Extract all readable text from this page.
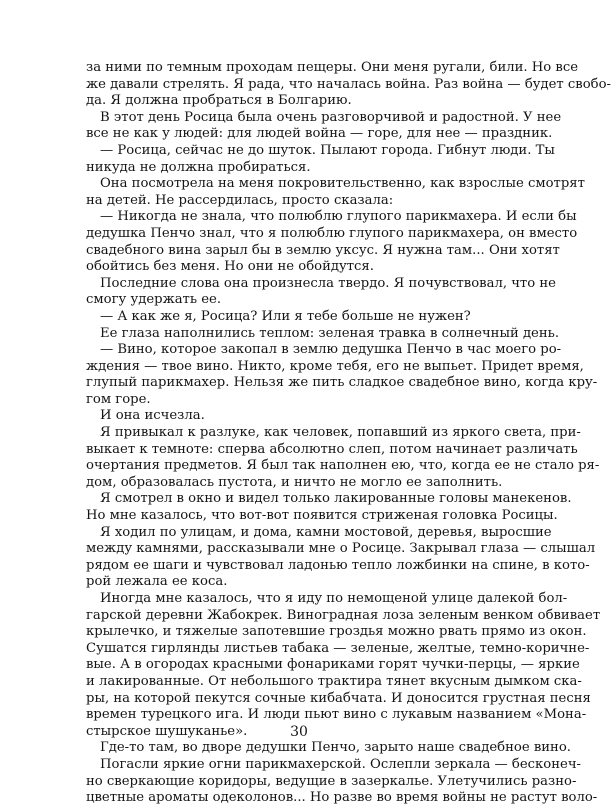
за ними по темным проходам пещеры. Они меня ругали, били. Но все
же давали стрелять. Я рада, что началась война. Раз война — будет свобо-
да. Я должна пробраться в Болгарию.
В этот день Росица была очень разговорчивой и радостной. У нее
все не как у людей: для людей война — горе, для нее — праздник.
— Росица, сейчас не до шуток. Пылают города. Гибнут люди. Ты
никуда не должна пробираться.
Она посмотрела на меня покровительственно, как взрослые смотрят
на детей. Не рассердилась, просто сказала:
— Никогда не знала, что полюблю глупого парикмахера. И если бы
дедушка Пенчо знал, что я полюблю глупого парикмахера, он вместо
свадебного вина зарыл бы в землю уксус. Я нужна там... Они хотят
обойтись без меня. Но они не обойдутся.
Последние слова она произнесла твердо. Я почувствовал, что не
смогу удержать ее.
— А как же я, Росица? Или я тебе больше не нужен?
Ее глаза наполнились теплом: зеленая травка в солнечный день.
— Вино, которое закопал в землю дедушка Пенчо в час моего ро-
ждения — твое вино. Никто, кроме тебя, его не выпьет. Придет время,
глупый парикмахер. Нельзя же пить сладкое свадебное вино, когда кру-
гом горе.
И она исчезла.
Я привыкал к разлуке, как человек, попавший из яркого света, при-
выкает к темноте: сперва абсолютно слеп, потом начинает различать
очертания предметов. Я был так наполнен ею, что, когда ее не стало ря-
дом, образовалась пустота, и ничто не могло ее заполнить.
Я смотрел в окно и видел только лакированные головы манекенов.
Но мне казалось, что вот-вот появится стриженая головка Росицы.
Я ходил по улицам, и дома, камни мостовой, деревья, выросшие
между камнями, рассказывали мне о Росице. Закрывал глаза — слышал
рядом ее шаги и чувствовал ладонью тепло ложбинки на спине, в кото-
рой лежала ее коса.
Иногда мне казалось, что я иду по немощеной улице далекой бол-
гарской деревни Жабокрек. Виноградная лоза зеленым венком обвивает
крылечко, и тяжелые запотевшие гроздья можно рвать прямо из окон.
Сушатся гирлянды листьев табака — зеленые, желтые, темно-коричне-
вые. А в огородах красными фонариками горят чучки-перцы, — яркие
и лакированные. От небольшого трактира тянет вкусным дымком ска-
ры, на которой пекутся сочные кибабчата. И доносится грустная песня
времен турецкого ига. И люди пьют вино с лукавым названием «Мона-
стырское шушуканье».
Где-то там, во дворе дедушки Пенчо, зарыто наше свадебное вино.
Погасли яркие огни парикмахерской. Ослепли зеркала — бесконеч-
но сверкающие коридоры, ведущие в зазеркалье. Улетучились разно-
цветные ароматы одеколонов... Но разве во время войны не растут воло-
30
